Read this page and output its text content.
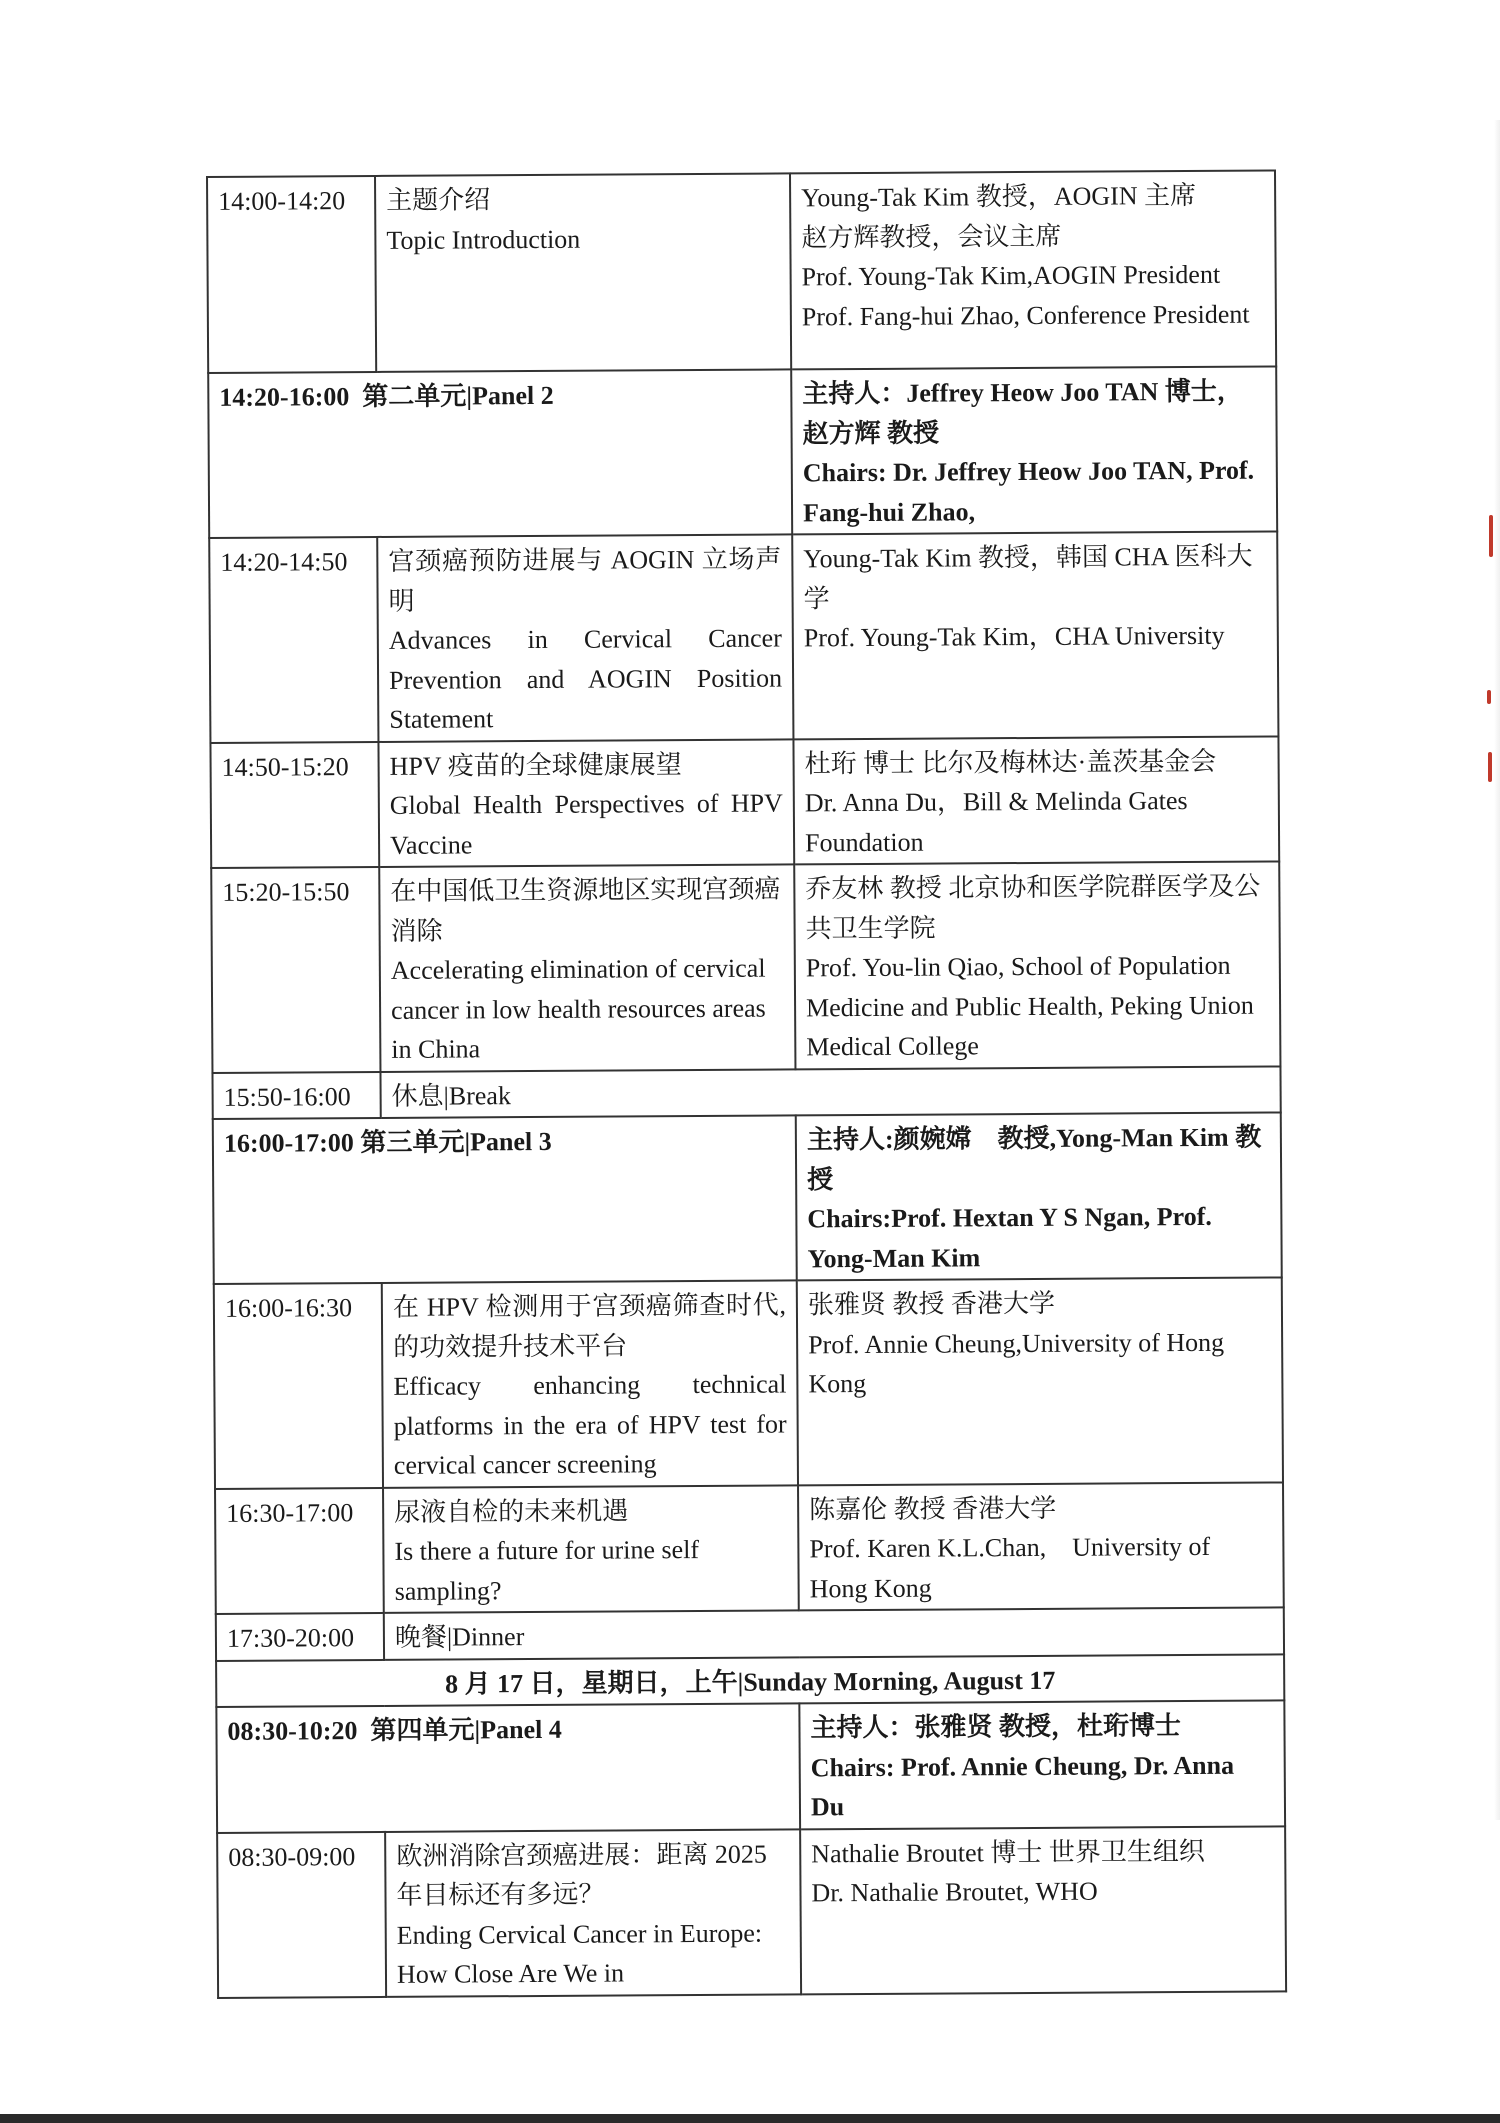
14:00-14:20	主题介绍
Topic Introduction	Young-Tak Kim 教授，AOGIN 主席
赵方辉教授，会议主席
Prof. Young-Tak Kim,AOGIN President
Prof. Fang-hui Zhao, Conference President

14:20-16:00 第二单元|Panel 2		主持人：Jeffrey Heow Joo TAN 博士，赵方辉 教授
Chairs: Dr. Jeffrey Heow Joo TAN, Prof. Fang-hui Zhao,

14:20-14:50	宫颈癌预防进展与 AOGIN 立场声明
Advances in Cervical Cancer Prevention and AOGIN Position Statement	Young-Tak Kim 教授，韩国 CHA 医科大学
Prof. Young-Tak Kim，CHA University

14:50-15:20	HPV 疫苗的全球健康展望
Global Health Perspectives of HPV Vaccine	杜珩 博士 比尔及梅林达·盖茨基金会
Dr. Anna Du，Bill & Melinda Gates Foundation

15:20-15:50	在中国低卫生资源地区实现宫颈癌消除
Accelerating elimination of cervical cancer in low health resources areas in China	乔友林 教授 北京协和医学院群医学及公共卫生学院
Prof. You-lin Qiao, School of Population Medicine and Public Health, Peking Union Medical College

15:50-16:00	休息|Break	
16:00-17:00 第三单元|Panel 3		主持人:颜婉嫦　教授,Yong-Man Kim 教授
Chairs:Prof. Hextan Y S Ngan, Prof. Yong-Man Kim

16:00-16:30	在 HPV 检测用于宫颈癌筛查时代,的功效提升技术平台
Efficacy enhancing technical platforms in the era of HPV test for cervical cancer screening	张雅贤 教授 香港大学
Prof. Annie Cheung,University of Hong Kong

16:30-17:00	尿液自检的未来机遇
Is there a future for urine self sampling?	陈嘉伦 教授 香港大学
Prof. Karen K.L.Chan,　University of Hong Kong

17:30-20:00	晚餐|Dinner	
8 月 17 日，星期日，上午|Sunday Morning, August 17		
08:30-10:20 第四单元|Panel 4		主持人：张雅贤 教授，杜珩博士
Chairs: Prof. Annie Cheung, Dr. Anna Du

08:30-09:00	欧洲消除宫颈癌进展：距离 2025 年目标还有多远？
Ending Cervical Cancer in Europe: How Close Are We in	Nathalie Broutet 博士 世界卫生组织
Dr. Nathalie Broutet, WHO
